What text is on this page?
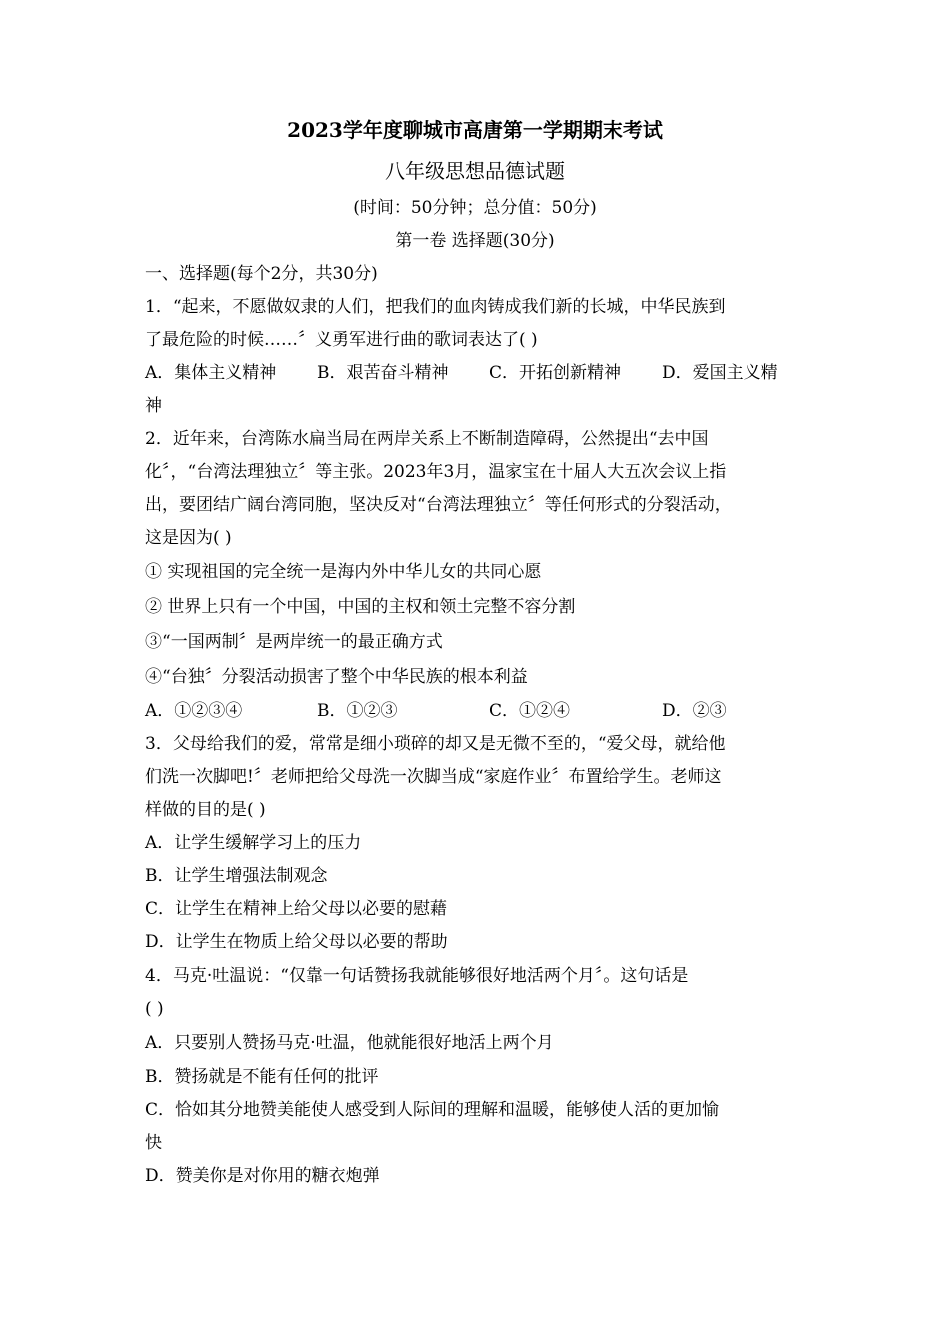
2023学年度聊城市高唐第一学期期末考试
八年级思想品德试题
(时间：50分钟；总分值：50分)
第一卷 选择题(30分)
一、选择题(每个2分，共30分)
1．“起来，不愿做奴隶的人们，把我们的血肉铸成我们新的长城，中华民族到
了最危险的时候……〞义勇军进行曲的歌词表达了( )
A．集体主义精神 B．艰苦奋斗精神 C．开拓创新精神 D．爱国主义精
神
2．近年来，台湾陈水扁当局在两岸关系上不断制造障碍，公然提出“去中国
化〞，“台湾法理独立〞等主张。2023年3月，温家宝在十届人大五次会议上指
出，要团结广阔台湾同胞，坚决反对“台湾法理独立〞等任何形式的分裂活动，
这是因为( )
① 实现祖国的完全统一是海内外中华儿女的共同心愿
② 世界上只有一个中国，中国的主权和领土完整不容分割
③“一国两制〞是两岸统一的最正确方式
④“台独〞分裂活动损害了整个中华民族的根本利益
A．①②③④	B．①②③	C．①②④	D．②③
3．父母给我们的爱，常常是细小琐碎的却又是无微不至的，“爱父母，就给他
们洗一次脚吧!〞老师把给父母洗一次脚当成“家庭作业〞布置给学生。老师这
样做的目的是( )
A．让学生缓解学习上的压力
B．让学生增强法制观念
C．让学生在精神上给父母以必要的慰藉
D．让学生在物质上给父母以必要的帮助
4．马克·吐温说：“仅靠一句话赞扬我就能够很好地活两个月〞。这句话是
( )
A．只要别人赞扬马克·吐温，他就能很好地活上两个月
B．赞扬就是不能有任何的批评
C．恰如其分地赞美能使人感受到人际间的理解和温暖，能够使人活的更加愉
快
D．赞美你是对你用的糖衣炮弹
